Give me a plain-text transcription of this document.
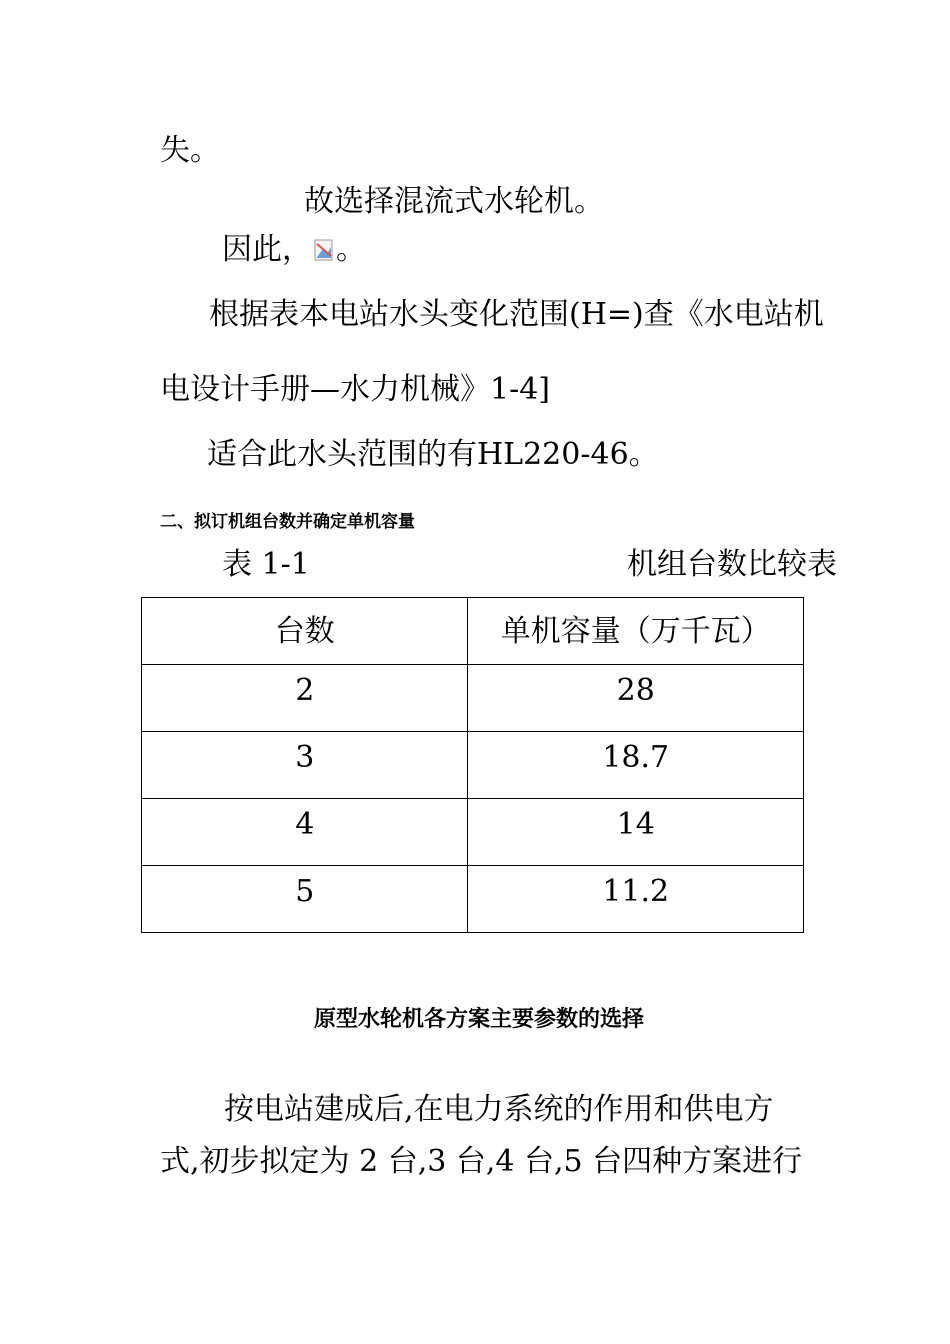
失。
故选择混流式水轮机。
因此， 。
根据表本电站水头变化范围(H=)查《水电站机
电设计手册—水力机械》1-4]
适合此水头范围的有HL220-46。
二、拟订机组台数并确定单机容量
表 1-1	机组台数比较表
台数	单机容量（万千瓦）
2	28
3	18.7
4	14
5	11.2
原型水轮机各方案主要参数的选择
按电站建成后,在电力系统的作用和供电方
式,初步拟定为 2 台,3 台,4 台,5 台四种方案进行
